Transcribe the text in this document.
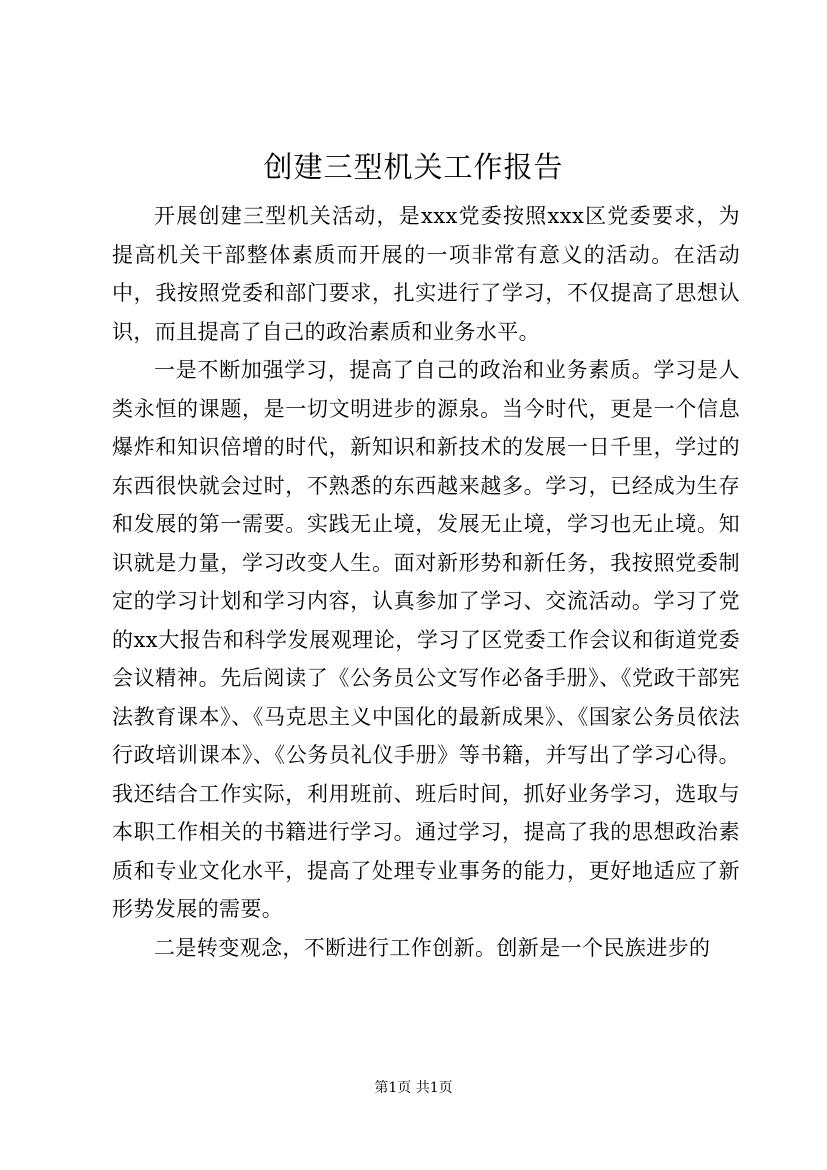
创建三型机关工作报告

开展创建三型机关活动，是xxx党委按照xxx区党委要求，为提高机关干部整体素质而开展的一项非常有意义的活动。在活动中，我按照党委和部门要求，扎实进行了学习，不仅提高了思想认识，而且提高了自己的政治素质和业务水平。

一是不断加强学习，提高了自己的政治和业务素质。学习是人类永恒的课题，是一切文明进步的源泉。当今时代，更是一个信息爆炸和知识倍增的时代，新知识和新技术的发展一日千里，学过的东西很快就会过时，不熟悉的东西越来越多。学习，已经成为生存和发展的第一需要。实践无止境，发展无止境，学习也无止境。知识就是力量，学习改变人生。面对新形势和新任务，我按照党委制定的学习计划和学习内容，认真参加了学习、交流活动。学习了党的xx大报告和科学发展观理论，学习了区党委工作会议和街道党委会议精神。先后阅读了《公务员公文写作必备手册》、《党政干部宪法教育课本》、《马克思主义中国化的最新成果》、《国家公务员依法行政培训课本》、《公务员礼仪手册》等书籍，并写出了学习心得。我还结合工作实际，利用班前、班后时间，抓好业务学习，选取与本职工作相关的书籍进行学习。通过学习，提高了我的思想政治素质和专业文化水平，提高了处理专业事务的能力，更好地适应了新形势发展的需要。

二是转变观念，不断进行工作创新。创新是一个民族进步的

第1页 共1页
